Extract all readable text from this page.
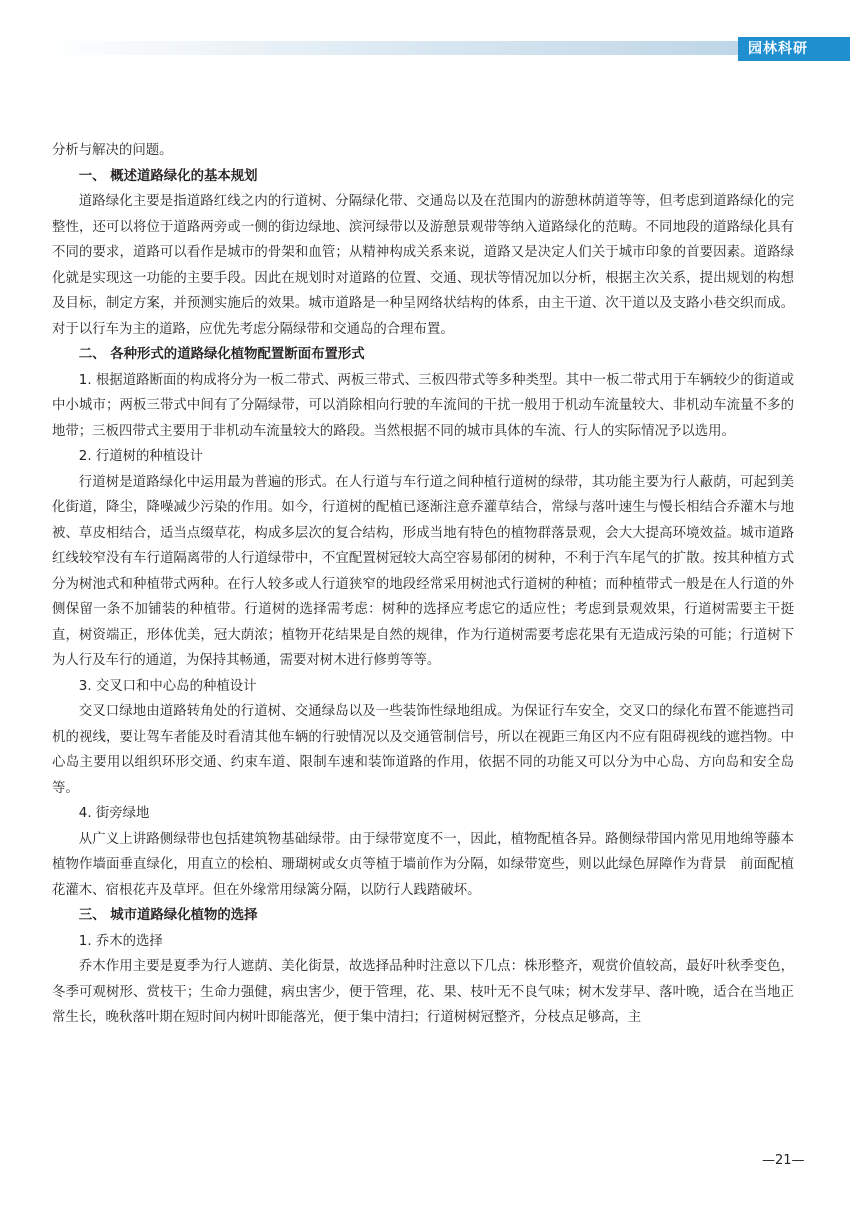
园林科研

分析与解决的问题。

一、 概述道路绿化的基本规划

道路绿化主要是指道路红线之内的行道树、分隔绿化带、交通岛以及在范围内的游憩林荫道等等，但考虑到道路绿化的完整性，还可以将位于道路两旁或一侧的街边绿地、滨河绿带以及游憩景观带等纳入道路绿化的范畴。不同地段的道路绿化具有不同的要求，道路可以看作是城市的骨架和血管；从精神构成关系来说，道路又是决定人们关于城市印象的首要因素。道路绿化就是实现这一功能的主要手段。因此在规划时对道路的位置、交通、现状等情况加以分析，根据主次关系，提出规划的构想及目标，制定方案，并预测实施后的效果。城市道路是一种呈网络状结构的体系，由主干道、次干道以及支路小巷交织而成。对于以行车为主的道路，应优先考虑分隔绿带和交通岛的合理布置。

二、 各种形式的道路绿化植物配置断面布置形式

1. 根据道路断面的构成将分为一板二带式、两板三带式、三板四带式等多种类型。其中一板二带式用于车辆较少的街道或中小城市；两板三带式中间有了分隔绿带，可以消除相向行驶的车流间的干扰一般用于机动车流量较大、非机动车流量不多的地带；三板四带式主要用于非机动车流量较大的路段。当然根据不同的城市具体的车流、行人的实际情况予以选用。

2. 行道树的种植设计

行道树是道路绿化中运用最为普遍的形式。在人行道与车行道之间种植行道树的绿带，其功能主要为行人蔽荫，可起到美化街道，降尘，降噪减少污染的作用。如今，行道树的配植已逐渐注意乔灌草结合，常绿与落叶速生与慢长相结合乔灌木与地被、草皮相结合，适当点缀草花，构成多层次的复合结构，形成当地有特色的植物群落景观，会大大提高环境效益。城市道路红线较窄没有车行道隔离带的人行道绿带中，不宜配置树冠较大高空容易郁闭的树种，不利于汽车尾气的扩散。按其种植方式分为树池式和种植带式两种。在行人较多或人行道狭窄的地段经常采用树池式行道树的种植；而种植带式一般是在人行道的外侧保留一条不加铺装的种植带。行道树的选择需考虑：树种的选择应考虑它的适应性；考虑到景观效果，行道树需要主干挺直，树资端正，形体优美，冠大荫浓；植物开花结果是自然的规律，作为行道树需要考虑花果有无造成污染的可能；行道树下为人行及车行的通道，为保持其畅通，需要对树木进行修剪等等。

3. 交叉口和中心岛的种植设计

交叉口绿地由道路转角处的行道树、交通绿岛以及一些装饰性绿地组成。为保证行车安全，交叉口的绿化布置不能遮挡司机的视线，要让驾车者能及时看清其他车辆的行驶情况以及交通管制信号，所以在视距三角区内不应有阻碍视线的遮挡物。中心岛主要用以组织环形交通、约束车道、限制车速和装饰道路的作用，依据不同的功能又可以分为中心岛、方向岛和安全岛等。

4. 街旁绿地

从广义上讲路侧绿带也包括建筑物基础绿带。由于绿带宽度不一，因此，植物配植各异。路侧绿带国内常见用地绵等藤本植物作墙面垂直绿化，用直立的桧柏、珊瑚树或女贞等植于墙前作为分隔，如绿带宽些，则以此绿色屏障作为背景　前面配植花灌木、宿根花卉及草坪。但在外缘常用绿篱分隔，以防行人践踏破坏。

三、 城市道路绿化植物的选择

1. 乔木的选择

乔木作用主要是夏季为行人遮荫、美化街景，故选择品种时注意以下几点：株形整齐，观赏价值较高，最好叶秋季变色，冬季可观树形、赏枝干；生命力强健，病虫害少，便于管理，花、果、枝叶无不良气味；树木发芽早、落叶晚，适合在当地正常生长，晚秋落叶期在短时间内树叶即能落光，便于集中清扫；行道树树冠整齐，分枝点足够高，主

—21—
